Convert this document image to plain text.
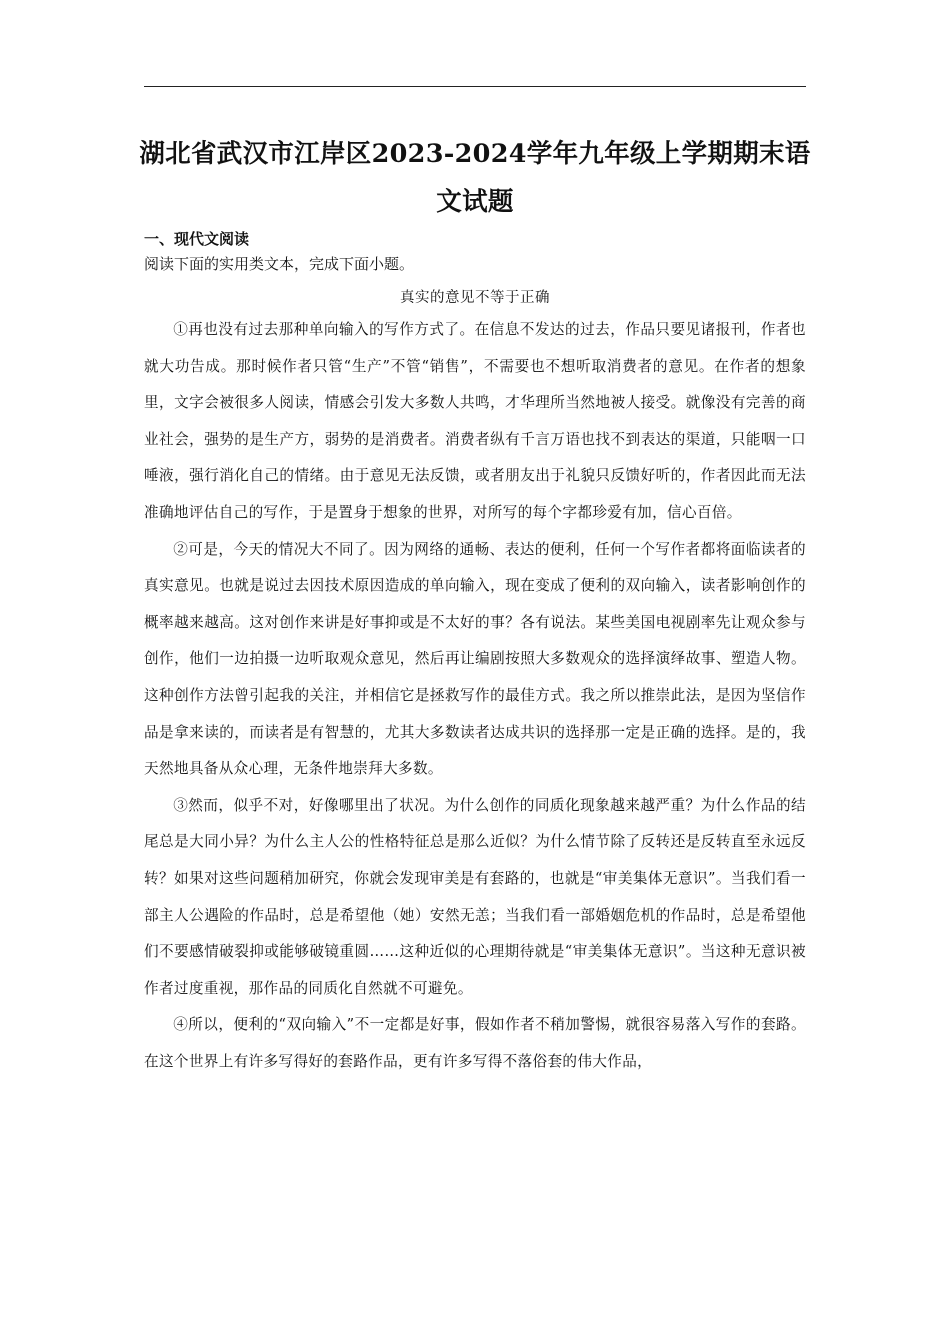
湖北省武汉市江岸区2023-2024学年九年级上学期期末语文试题
一、现代文阅读

阅读下面的实用类文本，完成下面小题。

真实的意见不等于正确

①再也没有过去那种单向输入的写作方式了。在信息不发达的过去，作品只要见诸报刊，作者也就大功告成。那时候作者只管“生产”不管“销售”，不需要也不想听取消费者的意见。在作者的想象里，文字会被很多人阅读，情感会引发大多数人共鸣，才华理所当然地被人接受。就像没有完善的商业社会，强势的是生产方，弱势的是消费者。消费者纵有千言万语也找不到表达的渠道，只能咽一口唾液，强行消化自己的情绪。由于意见无法反馈，或者朋友出于礼貌只反馈好听的，作者因此而无法准确地评估自己的写作，于是置身于想象的世界，对所写的每个字都珍爱有加，信心百倍。

②可是，今天的情况大不同了。因为网络的通畅、表达的便利，任何一个写作者都将面临读者的真实意见。也就是说过去因技术原因造成的单向输入，现在变成了便利的双向输入，读者影响创作的概率越来越高。这对创作来讲是好事抑或是不太好的事？各有说法。某些美国电视剧率先让观众参与创作，他们一边拍摄一边听取观众意见，然后再让编剧按照大多数观众的选择演绎故事、塑造人物。这种创作方法曾引起我的关注，并相信它是拯救写作的最佳方式。我之所以推崇此法，是因为坚信作品是拿来读的，而读者是有智慧的，尤其大多数读者达成共识的选择那一定是正确的选择。是的，我天然地具备从众心理，无条件地崇拜大多数。

③然而，似乎不对，好像哪里出了状况。为什么创作的同质化现象越来越严重？为什么作品的结尾总是大同小异？为什么主人公的性格特征总是那么近似？为什么情节除了反转还是反转直至永远反转？如果对这些问题稍加研究，你就会发现审美是有套路的，也就是“审美集体无意识”。当我们看一部主人公遇险的作品时，总是希望他（她）安然无恙；当我们看一部婚姻危机的作品时，总是希望他们不要感情破裂抑或能够破镜重圆……这种近似的心理期待就是“审美集体无意识”。当这种无意识被作者过度重视，那作品的同质化自然就不可避免。

④所以，便利的“双向输入”不一定都是好事，假如作者不稍加警惕，就很容易落入写作的套路。在这个世界上有许多写得好的套路作品，更有许多写得不落俗套的伟大作品，
